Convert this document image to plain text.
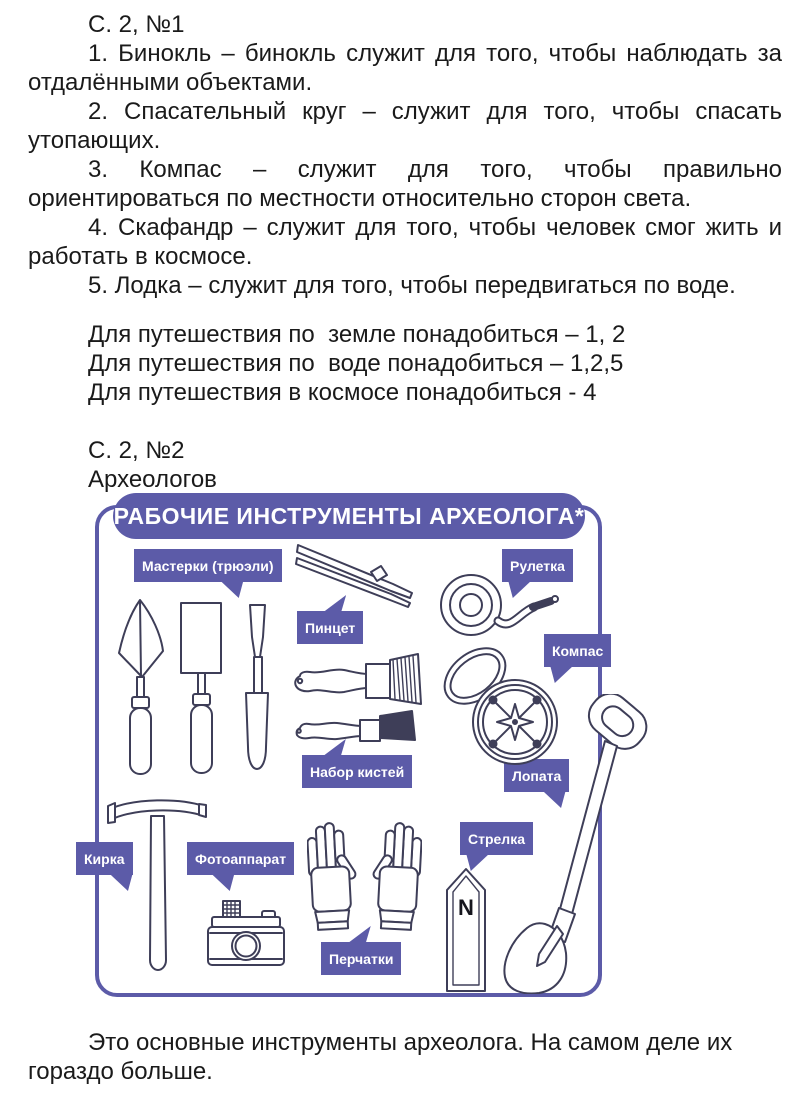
С. 2, №1

1. Бинокль – бинокль служит для того, чтобы наблюдать за отдалёнными объектами.

2. Спасательный круг – служит для того, чтобы спасать утопающих.

3. Компас – служит для того, чтобы правильно ориентироваться по местности относительно сторон света.

4. Скафандр – служит для того, чтобы человек смог жить и работать в космосе.

5. Лодка – служит для того, чтобы передвигаться по воде.

Для путешествия по  земле понадобиться – 1, 2

Для путешествия по  воде понадобиться – 1,2,5

Для путешествия в космосе понадобиться - 4

С. 2, №2

Археологов

РАБОЧИЕ ИНСТРУМЕНТЫ АРХЕОЛОГА*
Мастерки (трюэли)
Пинцет
Рулетка
Компас
Набор кистей	Лопата
Кирка	Фотоаппарат
Перчатки
Стрелка
N

Это основные инструменты археолога. На самом деле их гораздо больше.
